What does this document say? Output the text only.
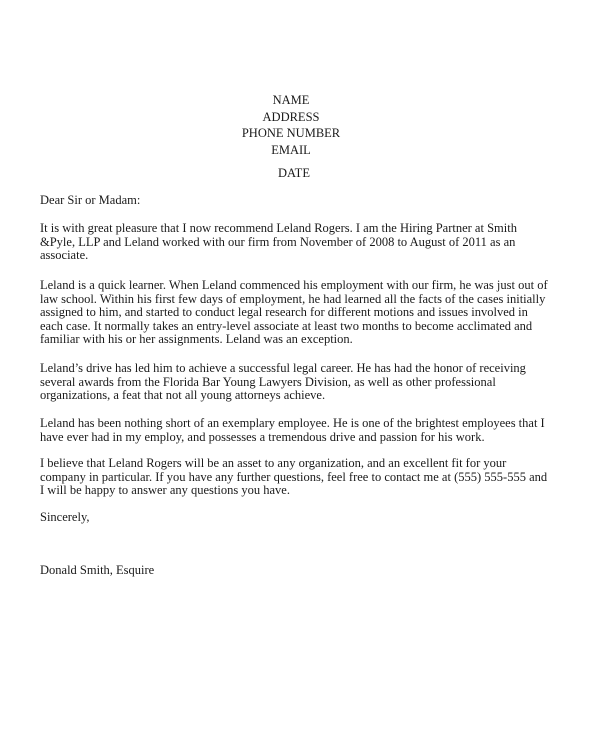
NAME
ADDRESS
PHONE NUMBER
EMAIL
DATE

Dear Sir or Madam:

It is with great pleasure that I now recommend Leland Rogers. I am the Hiring Partner at Smith &Pyle, LLP and Leland worked with our firm from November of 2008 to August of 2011 as an associate.

Leland is a quick learner. When Leland commenced his employment with our firm, he was just out of law school. Within his first few days of employment, he had learned all the facts of the cases initially assigned to him, and started to conduct legal research for different motions and issues involved in each case. It normally takes an entry-level associate at least two months to become acclimated and familiar with his or her assignments. Leland was an exception.

Leland’s drive has led him to achieve a successful legal career. He has had the honor of receiving several awards from the Florida Bar Young Lawyers Division, as well as other professional organizations, a feat that not all young attorneys achieve.

Leland has been nothing short of an exemplary employee. He is one of the brightest employees that I have ever had in my employ, and possesses a tremendous drive and passion for his work.

I believe that Leland Rogers will be an asset to any organization, and an excellent fit for your company in particular. If you have any further questions, feel free to contact me at (555) 555-555 and I will be happy to answer any questions you have.

Sincerely,

Donald Smith, Esquire
